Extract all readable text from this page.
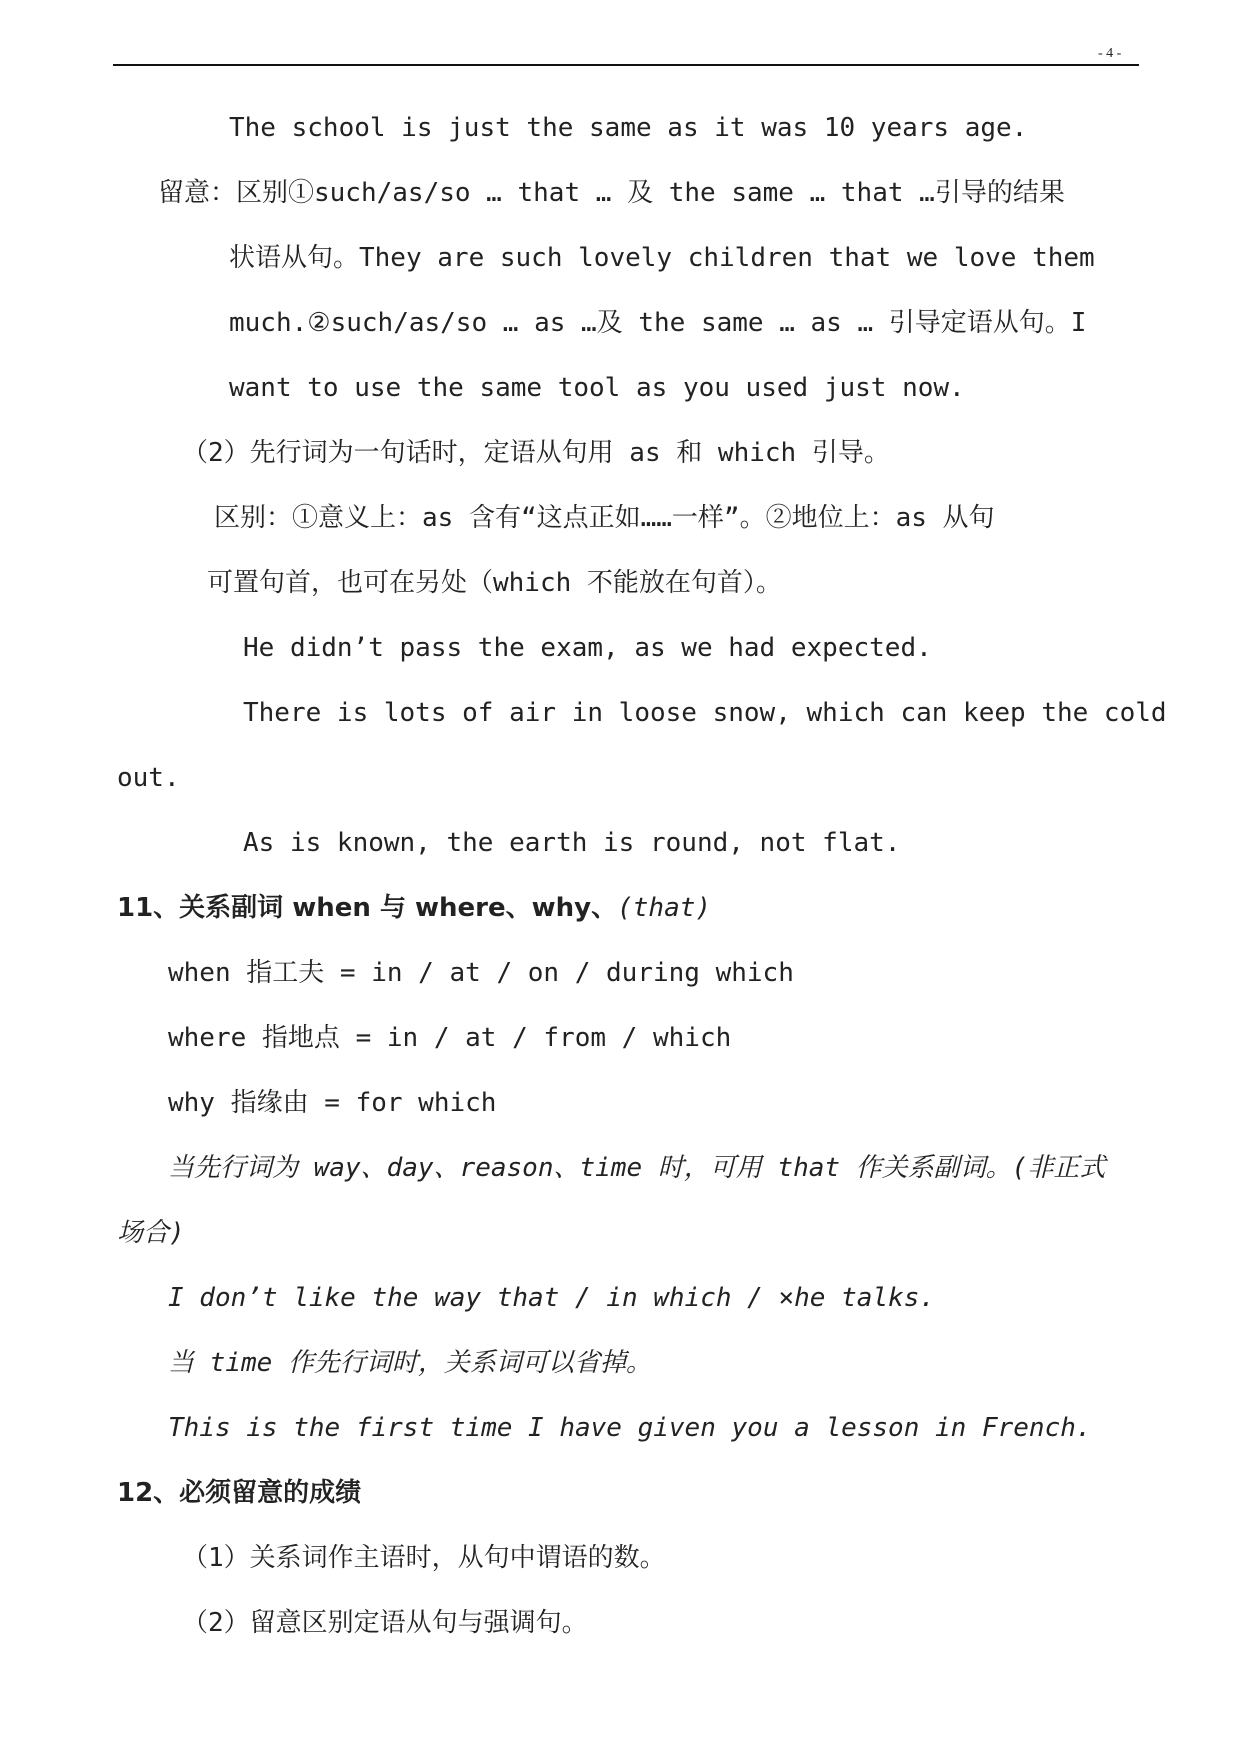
- 4 -
The school is just the same as it was 10 years age.
留意：区别①such/as/so … that … 及 the same … that …引导的结果
状语从句。They are such lovely children that we love them
much.②such/as/so … as …及 the same … as … 引导定语从句。I
want to use the same tool as you used just now.
（2）先行词为一句话时，定语从句用 as 和 which 引导。
区别：①意义上：as 含有“这点正如……一样”。②地位上：as 从句
可置句首，也可在另处（which 不能放在句首）。
He didn’t pass the exam, as we had expected.
There is lots of air in loose snow, which can keep the cold
out.
As is known, the earth is round, not flat.
11、关系副词 when 与 where、why、(that)
when 指工夫 = in / at / on / during which
where 指地点 = in / at / from / which
why 指缘由 = for which
当先行词为 way、day、reason、time 时，可用 that 作关系副词。(非正式
场合)
I don’t like the way that / in which / ×he talks.
当 time 作先行词时，关系词可以省掉。
This is the first time I have given you a lesson in French.
12、必须留意的成绩
（1）关系词作主语时，从句中谓语的数。
（2）留意区别定语从句与强调句。
